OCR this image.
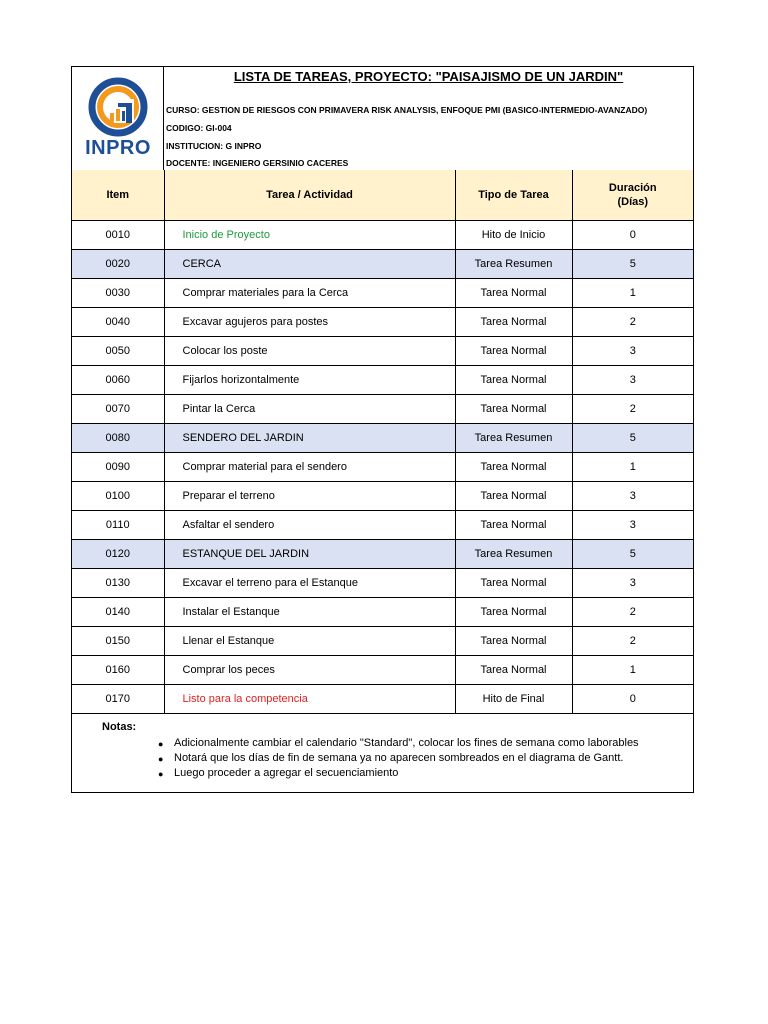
INPRO
LISTA DE TAREAS, PROYECTO: "PAISAJISMO DE UN JARDIN"
CURSO: GESTION DE RIESGOS CON PRIMAVERA RISK ANALYSIS, ENFOQUE PMI (BASICO-INTERMEDIO-AVANZADO)
CODIGO: GI-004
INSTITUCION: G INPRO
DOCENTE: INGENIERO GERSINIO CACERES
Item	Tarea / Actividad	Tipo de Tarea	Duración
(Días)

0010	Inicio de Proyecto	Hito de Inicio	0
0020	CERCA	Tarea Resumen	5
0030	Comprar materiales para la Cerca	Tarea Normal	1
0040	Excavar agujeros para postes	Tarea Normal	2
0050	Colocar los poste	Tarea Normal	3
0060	Fijarlos horizontalmente	Tarea Normal	3
0070	Pintar la Cerca	Tarea Normal	2
0080	SENDERO DEL JARDIN	Tarea Resumen	5
0090	Comprar material para el sendero	Tarea Normal	1
0100	Preparar el terreno	Tarea Normal	3
0110	Asfaltar el sendero	Tarea Normal	3
0120	ESTANQUE DEL JARDIN	Tarea Resumen	5
0130	Excavar el terreno para el Estanque	Tarea Normal	3
0140	Instalar el Estanque	Tarea Normal	2
0150	Llenar el Estanque	Tarea Normal	2
0160	Comprar los peces	Tarea Normal	1
0170	Listo para la competencia	Hito de Final	0
Notas:
● Adicionalmente cambiar el calendario "Standard", colocar los fines de semana como laborables
● Notará que los días de fin de semana ya no aparecen sombreados en el diagrama de Gantt.
● Luego proceder a agregar el secuenciamiento
